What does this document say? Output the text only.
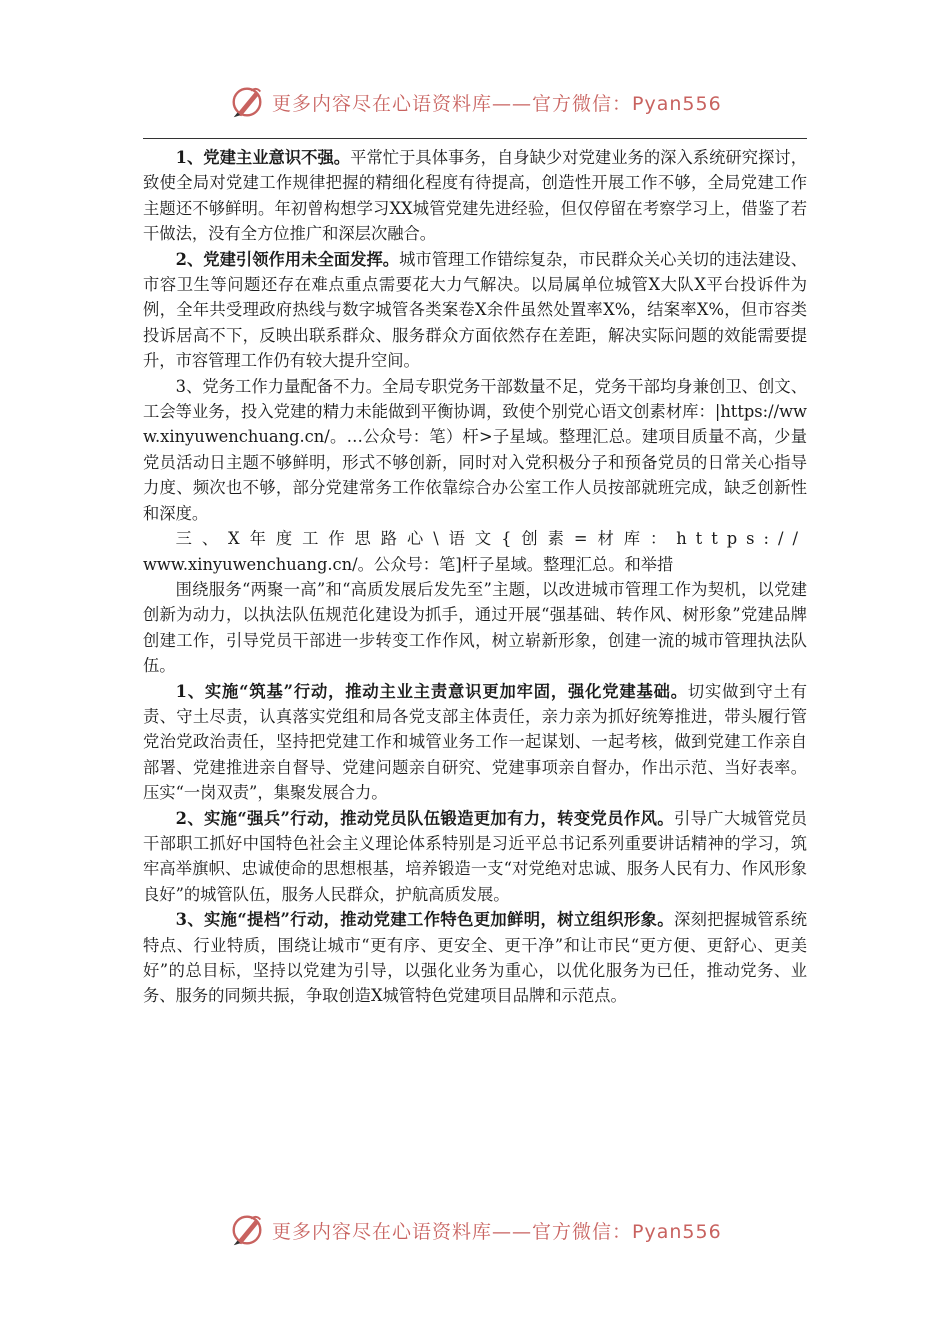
更多内容尽在心语资料库——官方微信：Pyan556

1、党建主业意识不强。平常忙于具体事务，自身缺少对党建业务的深入系统研究探讨，致使全局对党建工作规律把握的精细化程度有待提高，创造性开展工作不够，全局党建工作主题还不够鲜明。年初曾构想学习XX城管党建先进经验，但仅停留在考察学习上，借鉴了若干做法，没有全方位推广和深层次融合。

2、党建引领作用未全面发挥。城市管理工作错综复杂，市民群众关心关切的违法建设、市容卫生等问题还存在难点重点需要花大力气解决。以局属单位城管X大队X平台投诉件为例，全年共受理政府热线与数字城管各类案卷X余件虽然处置率X%，结案率X%，但市容类投诉居高不下，反映出联系群众、服务群众方面依然存在差距，解决实际问题的效能需要提升，市容管理工作仍有较大提升空间。

3、党务工作力量配备不力。全局专职党务干部数量不足，党务干部均身兼创卫、创文、工会等业务，投入党建的精力未能做到平衡协调，致使个别党心语文创素材库：|https://www.xinyuwenchuang.cn/。…公众号：笔）杆>子星域。整理汇总。建项目质量不高，少量党员活动日主题不够鲜明，形式不够创新，同时对入党积极分子和预备党员的日常关心指导力度、频次也不够，部分党建常务工作依靠综合办公室工作人员按部就班完成，缺乏创新性和深度。

三、X年度工作思路心\语文{创素=材库：https://

www.xinyuwenchuang.cn/。公众号：笔]杆子星域。整理汇总。和举措

围绕服务“两聚一高”和“高质发展后发先至”主题，以改进城市管理工作为契机，以党建创新为动力，以执法队伍规范化建设为抓手，通过开展“强基础、转作风、树形象”党建品牌创建工作，引导党员干部进一步转变工作作风，树立崭新形象，创建一流的城市管理执法队伍。

1、实施“筑基”行动，推动主业主责意识更加牢固，强化党建基础。切实做到守土有责、守土尽责，认真落实党组和局各党支部主体责任，亲力亲为抓好统筹推进，带头履行管党治党政治责任，坚持把党建工作和城管业务工作一起谋划、一起考核，做到党建工作亲自部署、党建推进亲自督导、党建问题亲自研究、党建事项亲自督办，作出示范、当好表率。压实“一岗双责”，集聚发展合力。

2、实施“强兵”行动，推动党员队伍锻造更加有力，转变党员作风。引导广大城管党员干部职工抓好中国特色社会主义理论体系特别是习近平总书记系列重要讲话精神的学习，筑牢高举旗帜、忠诚使命的思想根基，培养锻造一支“对党绝对忠诚、服务人民有力、作风形象良好”的城管队伍，服务人民群众，护航高质发展。

3、实施“提档”行动，推动党建工作特色更加鲜明，树立组织形象。深刻把握城管系统特点、行业特质，围绕让城市“更有序、更安全、更干净”和让市民“更方便、更舒心、更美好”的总目标，坚持以党建为引导，以强化业务为重心，以优化服务为已任，推动党务、业务、服务的同频共振，争取创造X城管特色党建项目品牌和示范点。

更多内容尽在心语资料库——官方微信：Pyan556
